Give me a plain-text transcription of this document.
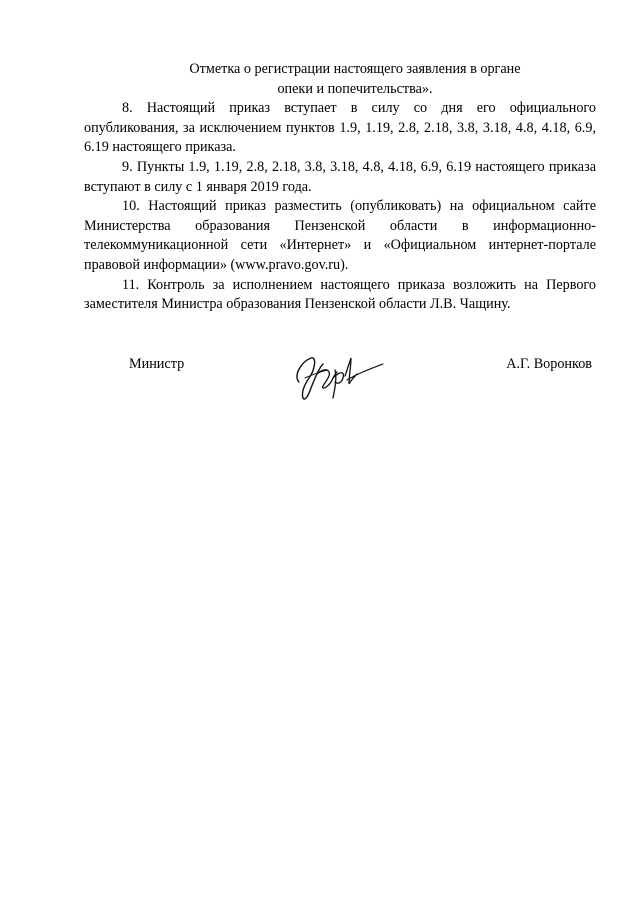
Отметка о регистрации настоящего заявления в органе
опеки и попечительства».

8. Настоящий приказ вступает в силу со дня его официального опубликования, за исключением пунктов 1.9, 1.19, 2.8, 2.18, 3.8, 3.18, 4.8, 4.18, 6.9, 6.19 настоящего приказа.

9. Пункты 1.9, 1.19, 2.8, 2.18, 3.8, 3.18, 4.8, 4.18, 6.9, 6.19 настоящего приказа вступают в силу с 1 января 2019 года.

10. Настоящий приказ разместить (опубликовать) на официальном сайте Министерства образования Пензенской области в информационно-телекоммуникационной сети «Интернет» и «Официальном интернет-портале правовой информации» (www.pravo.gov.ru).

11. Контроль за исполнением настоящего приказа возложить на Первого заместителя Министра образования Пензенской области Л.В. Чащину.

Министр	А.Г. Воронков
